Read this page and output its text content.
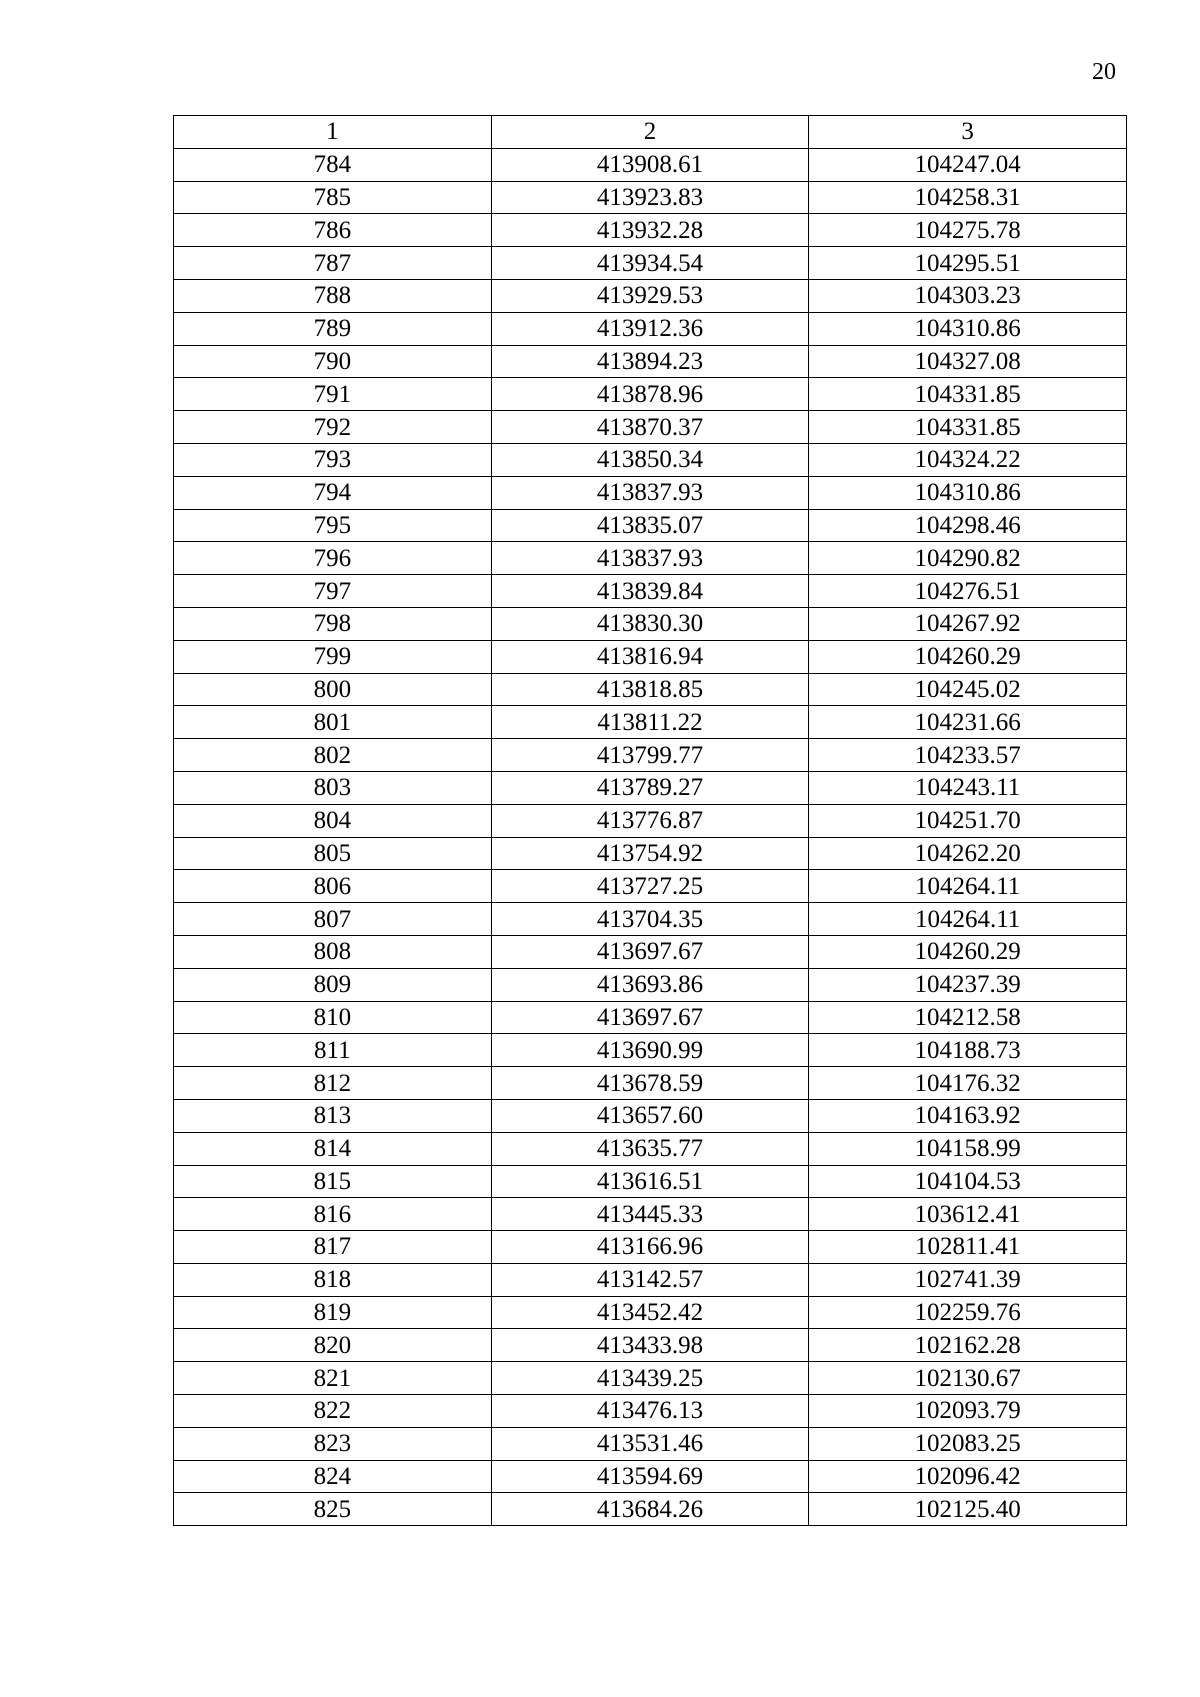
20
1	2	3
784	413908.61	104247.04
785	413923.83	104258.31
786	413932.28	104275.78
787	413934.54	104295.51
788	413929.53	104303.23
789	413912.36	104310.86
790	413894.23	104327.08
791	413878.96	104331.85
792	413870.37	104331.85
793	413850.34	104324.22
794	413837.93	104310.86
795	413835.07	104298.46
796	413837.93	104290.82
797	413839.84	104276.51
798	413830.30	104267.92
799	413816.94	104260.29
800	413818.85	104245.02
801	413811.22	104231.66
802	413799.77	104233.57
803	413789.27	104243.11
804	413776.87	104251.70
805	413754.92	104262.20
806	413727.25	104264.11
807	413704.35	104264.11
808	413697.67	104260.29
809	413693.86	104237.39
810	413697.67	104212.58
811	413690.99	104188.73
812	413678.59	104176.32
813	413657.60	104163.92
814	413635.77	104158.99
815	413616.51	104104.53
816	413445.33	103612.41
817	413166.96	102811.41
818	413142.57	102741.39
819	413452.42	102259.76
820	413433.98	102162.28
821	413439.25	102130.67
822	413476.13	102093.79
823	413531.46	102083.25
824	413594.69	102096.42
825	413684.26	102125.40
